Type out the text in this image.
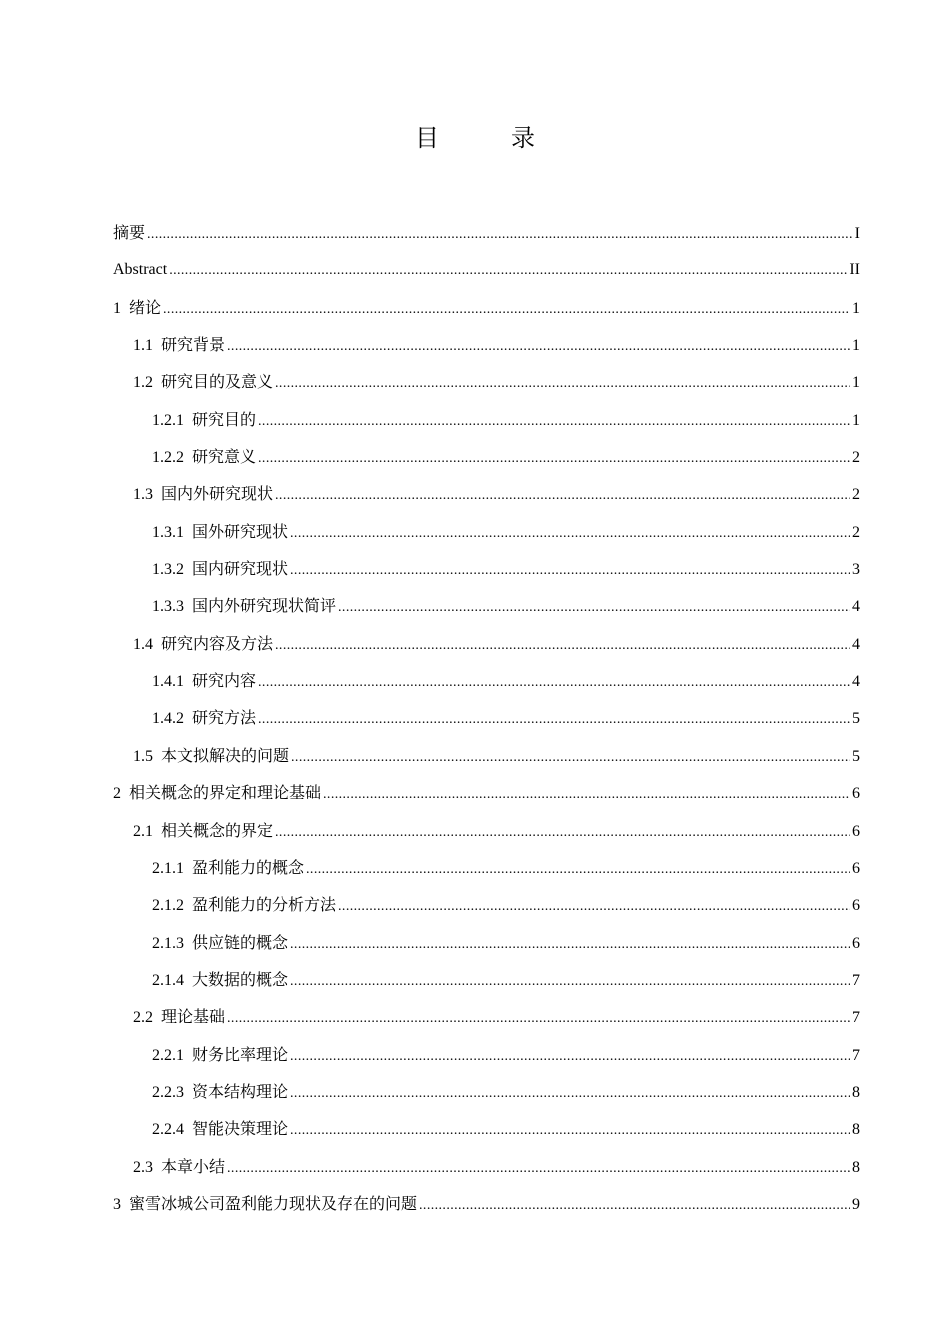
目　录
摘要 .....	I
Abstract .....	II
1 绪论 .....	1
1.1 研究背景 .....	1
1.2 研究目的及意义 .....	1
1.2.1 研究目的 .....	1
1.2.2 研究意义 .....	2
1.3 国内外研究现状 .....	2
1.3.1 国外研究现状 .....	2
1.3.2 国内研究现状 .....	3
1.3.3 国内外研究现状简评 .....	4
1.4 研究内容及方法 .....	4
1.4.1 研究内容 .....	4
1.4.2 研究方法 .....	5
1.5 本文拟解决的问题 .....	5
2 相关概念的界定和理论基础 .....	6
2.1 相关概念的界定 .....	6
2.1.1 盈利能力的概念 .....	6
2.1.2 盈利能力的分析方法 .....	6
2.1.3 供应链的概念 .....	6
2.1.4 大数据的概念 .....	7
2.2 理论基础 .....	7
2.2.1 财务比率理论 .....	7
2.2.3 资本结构理论 .....	8
2.2.4 智能决策理论 .....	8
2.3 本章小结 .....	8
3 蜜雪冰城公司盈利能力现状及存在的问题 .....	9
